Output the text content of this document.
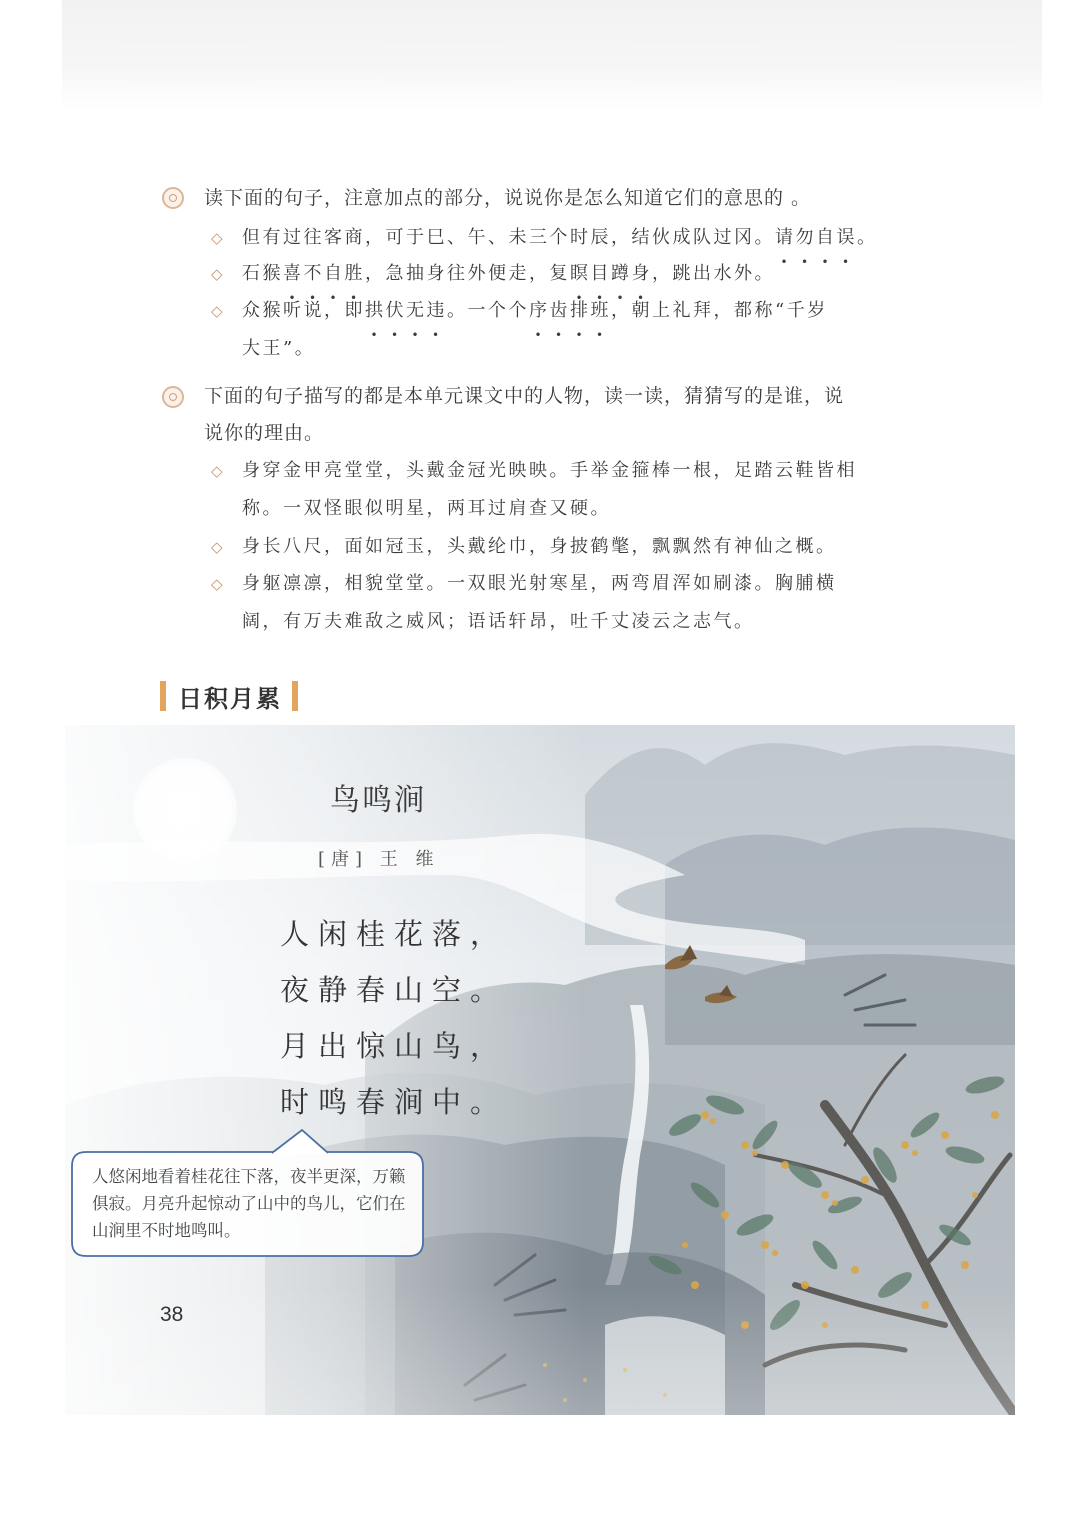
读下面的句子，注意加点的部分，说说你是怎么知道它们的意思的 。
◇	但有过往客商，可于巳、午、未三个时辰，结伙成队过冈。请勿自误。
◇	石猴喜不自胜，急抽身往外便走，复瞑目蹲身，跳出水外。
◇	众猴听说，即拱伏无违。一个个序齿排班，朝上礼拜，都称“千岁
大王”。
下面的句子描写的都是本单元课文中的人物，读一读，猜猜写的是谁，说
说你的理由。
◇	身穿金甲亮堂堂，头戴金冠光映映。手举金箍棒一根，足踏云鞋皆相
称。一双怪眼似明星，两耳过肩查又硬。
◇	身长八尺，面如冠玉，头戴纶巾，身披鹤氅，飘飘然有神仙之概。
◇	身躯凛凛，相貌堂堂。一双眼光射寒星，两弯眉浑如刷漆。胸脯横
阔，有万夫难敌之威风；语话轩昂，吐千丈凌云之志气。
日积月累
鸟鸣涧
[唐] 王 维
人闲桂花落，
夜静春山空。
月出惊山鸟，
时鸣春涧中。
人悠闲地看着桂花往下落，夜半更深，万籁俱寂。月亮升起惊动了山中的鸟儿，它们在山涧里不时地鸣叫。
38
